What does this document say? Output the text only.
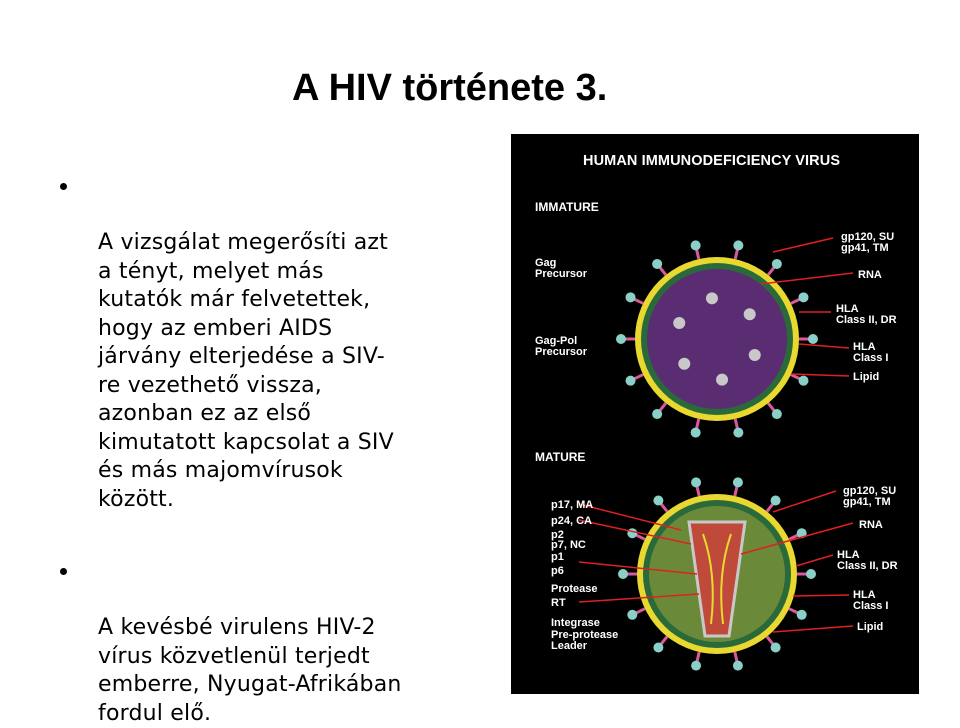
A HIV története 3.

A vizsgálat megerősíti azt
a tényt, melyet más
kutatók már felvetettek,
hogy az emberi AIDS
járvány elterjedése a SIV-
re vezethető vissza,
azonban ez az első
kimutatott kapcsolat a SIV
és más majomvírusok
között.

A kevésbé virulens HIV-2
vírus közvetlenül terjedt
emberre, Nyugat-Afrikában
fordul elő.

HUMAN IMMUNODEFICIENCY VIRUS
IMMATURE
Gag
Precursor
Gag-Pol
Precursor
gp120, SU
gp41, TM
RNA
HLA
Class II, DR
HLA
Class I
Lipid
MATURE
p17, MA
p24, CA
p2
p7, NC
p1
p6
Protease
RT
Integrase
Pre-protease
Leader
gp120, SU
gp41, TM
RNA
HLA
Class II, DR
HLA
Class I
Lipid
